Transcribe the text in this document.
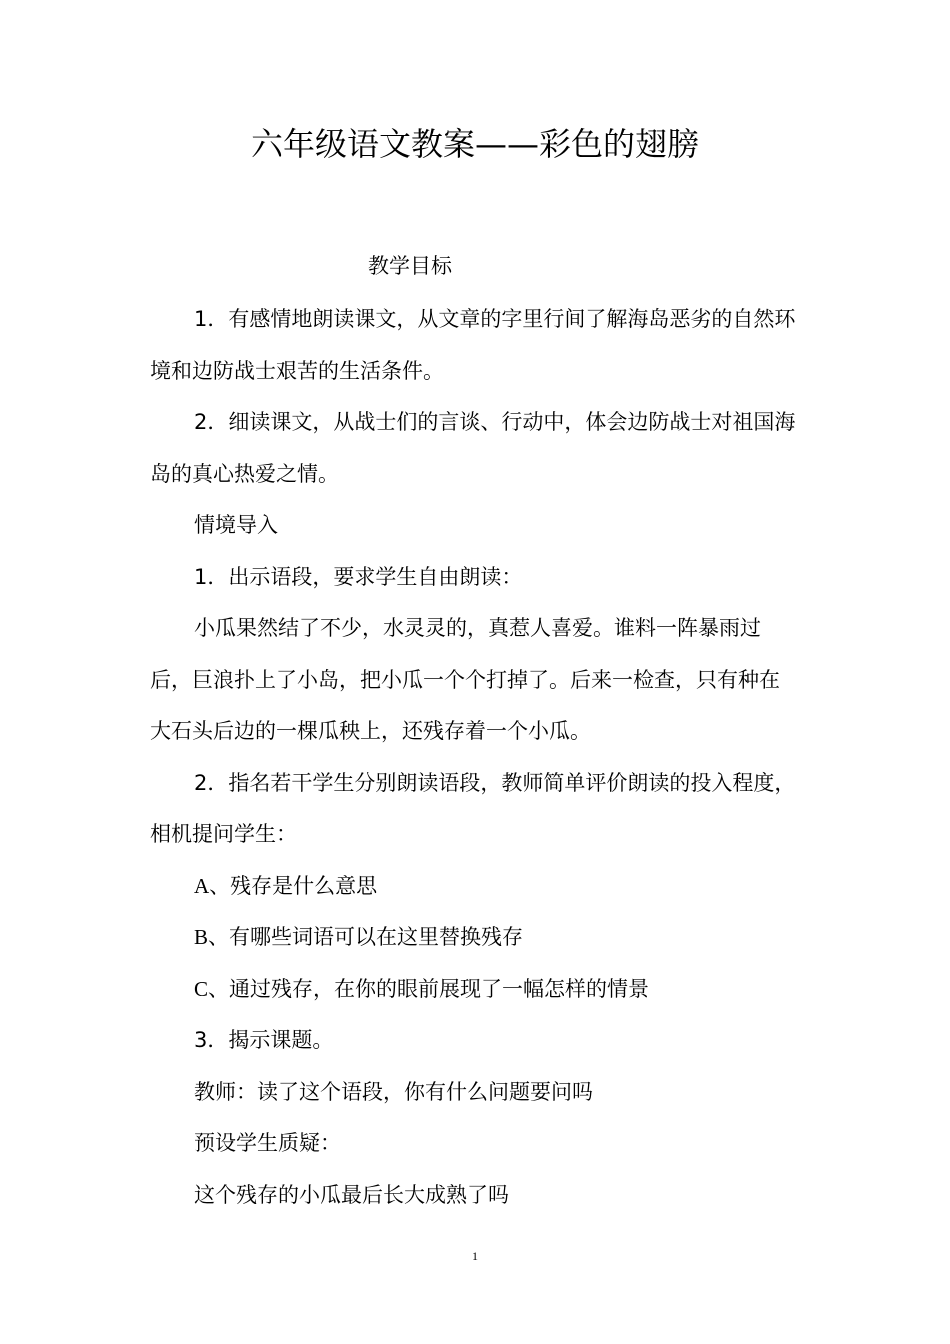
六年级语文教案——彩色的翅膀
教学目标

1．有感情地朗读课文，从文章的字里行间了解海岛恶劣的自然环境和边防战士艰苦的生活条件。

2．细读课文，从战士们的言谈、行动中，体会边防战士对祖国海岛的真心热爱之情。

情境导入

1．出示语段，要求学生自由朗读：

小瓜果然结了不少，水灵灵的，真惹人喜爱。谁料一阵暴雨过后，巨浪扑上了小岛，把小瓜一个个打掉了。后来一检查，只有种在大石头后边的一棵瓜秧上，还残存着一个小瓜。

2．指名若干学生分别朗读语段，教师简单评价朗读的投入程度，相机提问学生：

A、残存是什么意思

B、有哪些词语可以在这里替换残存

C、通过残存，在你的眼前展现了一幅怎样的情景

3．揭示课题。

教师：读了这个语段，你有什么问题要问吗

预设学生质疑：

这个残存的小瓜最后长大成熟了吗

1
